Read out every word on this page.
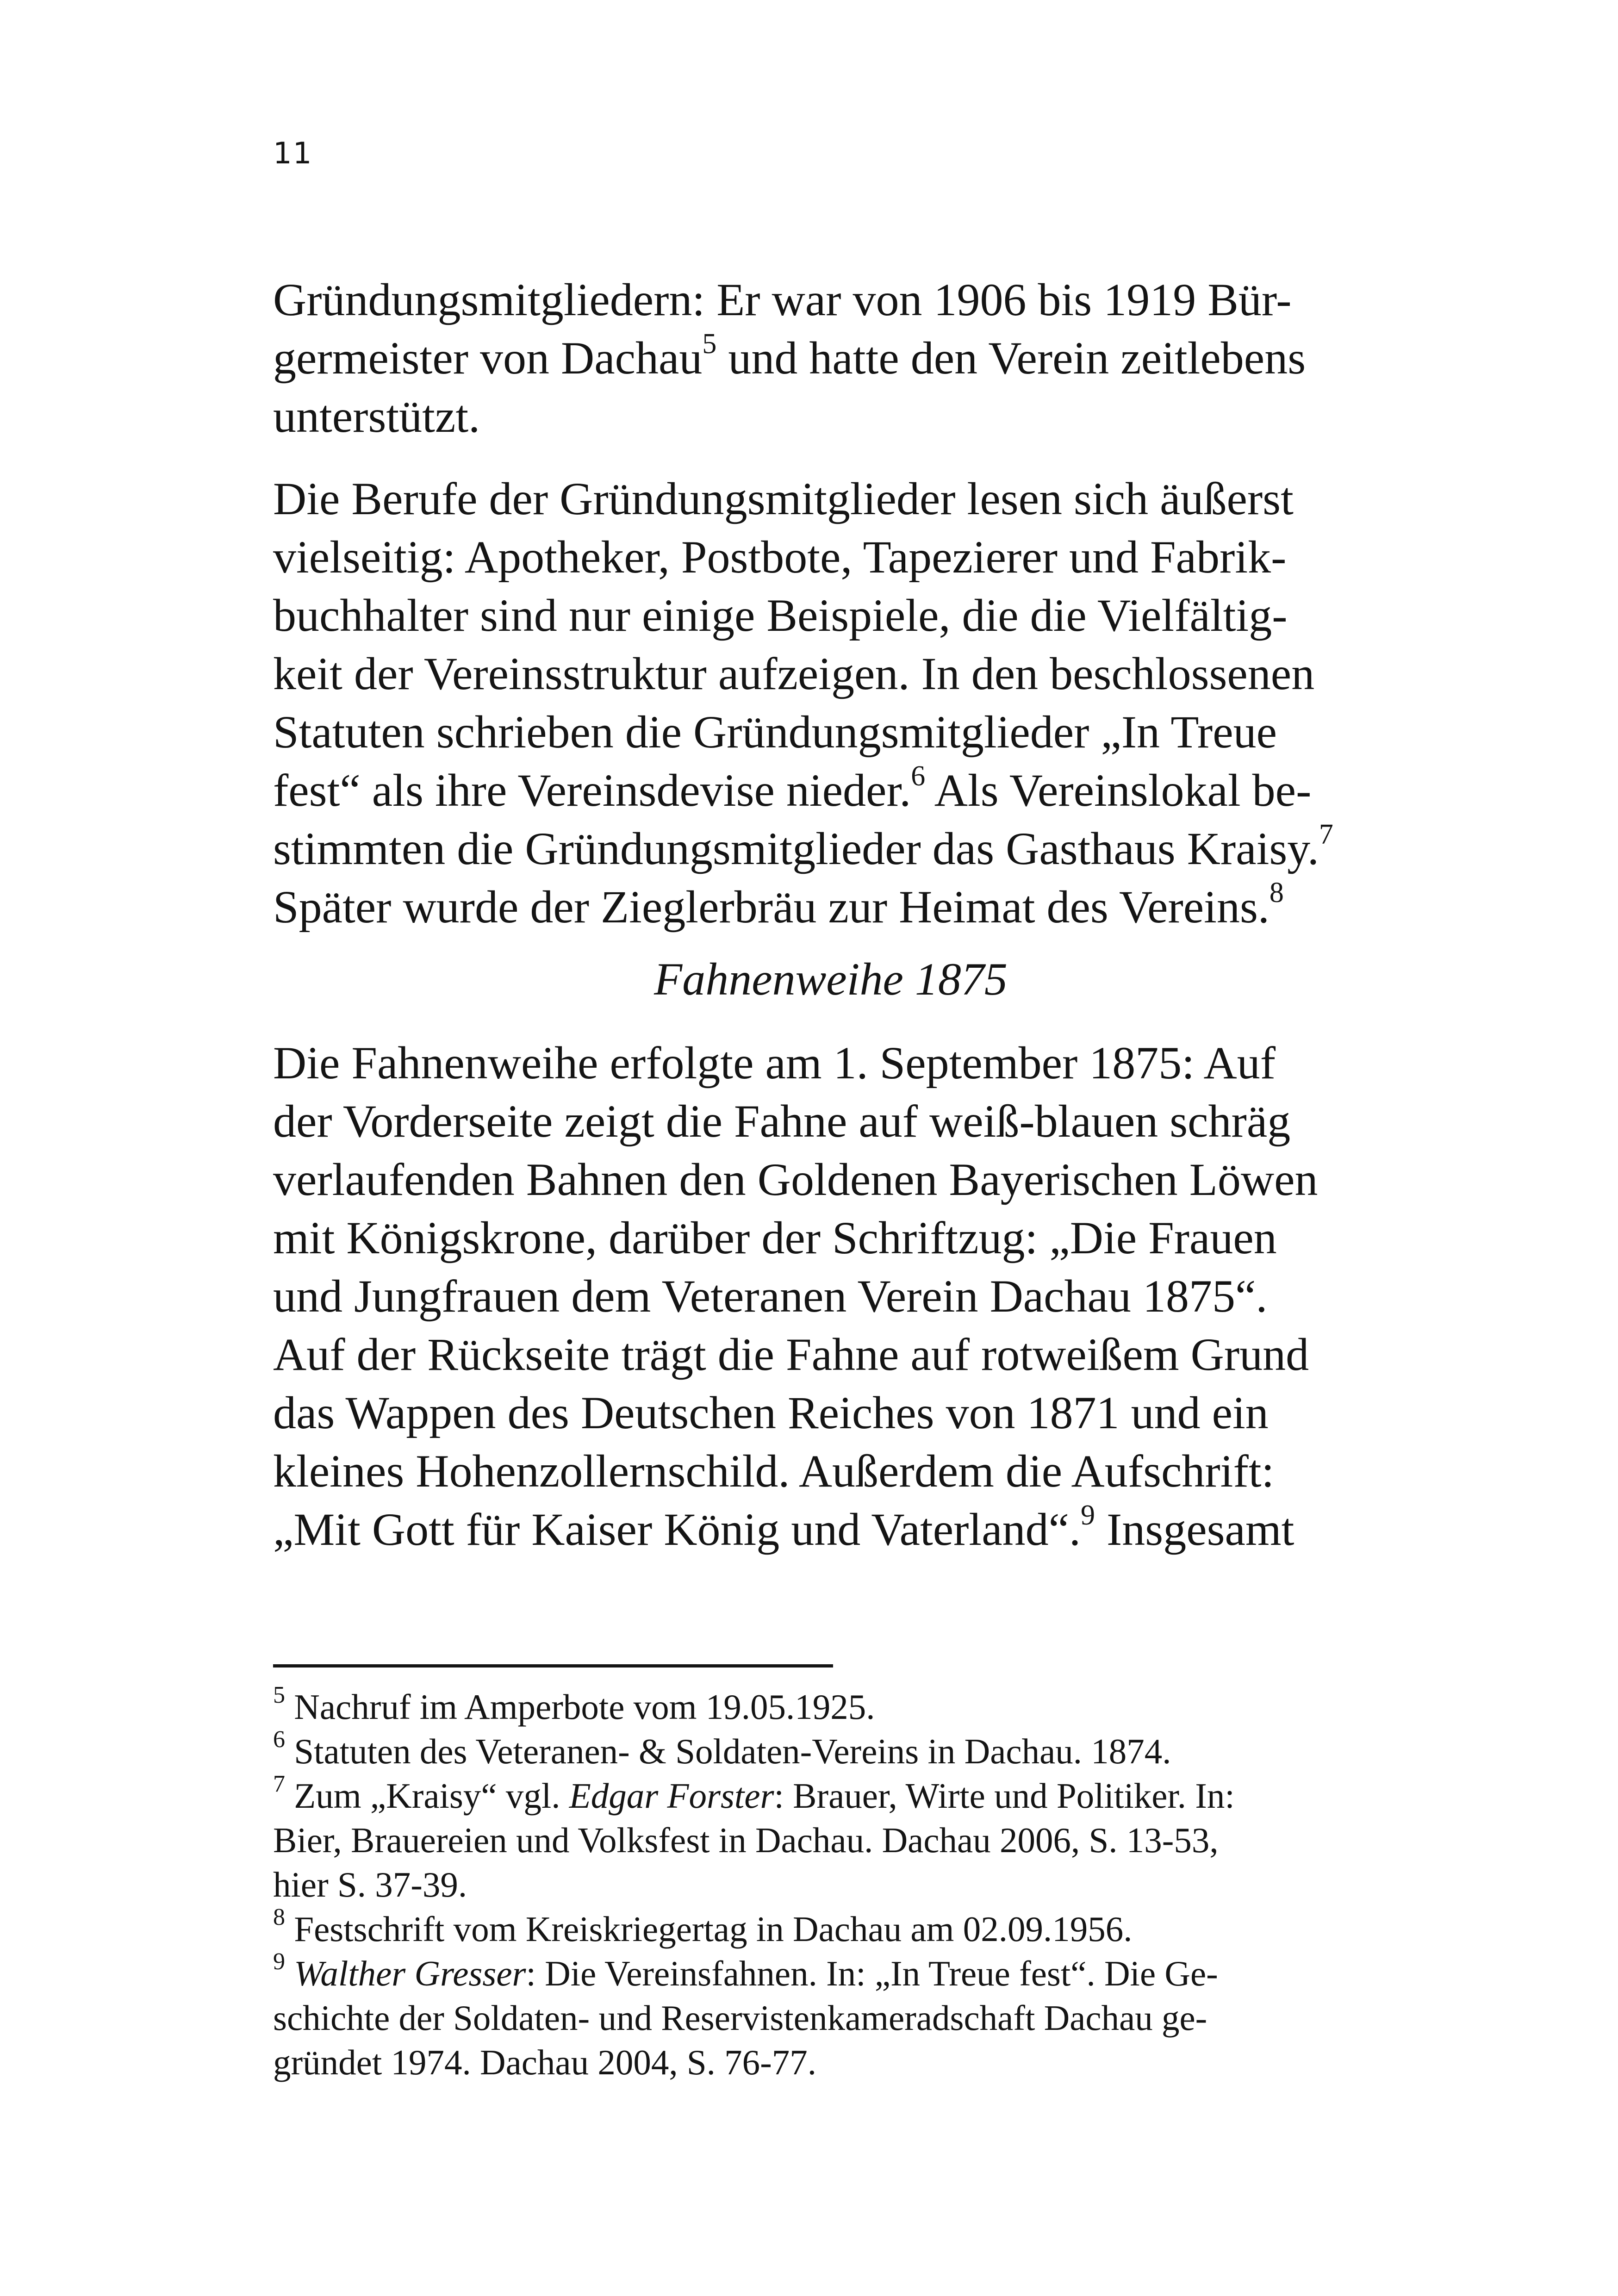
11
Gründungsmitgliedern: Er war von 1906 bis 1919 Bür-
germeister von Dachau$^5$ und hatte den Verein zeitlebens
unterstützt.
Die Berufe der Gründungsmitglieder lesen sich äußerst
vielseitig: Apotheker, Postbote, Tapezierer und Fabrik-
buchhalter sind nur einige Beispiele, die die Vielfältig-
keit der Vereinsstruktur aufzeigen. In den beschlossenen
Statuten schrieben die Gründungsmitglieder „In Treue
fest“ als ihre Vereinsdevise nieder.$^6$ Als Vereinslokal be-
stimmten die Gründungsmitglieder das Gasthaus Kraisy.$^7$
Später wurde der Zieglerbräu zur Heimat des Vereins.$^8$
Fahnenweihe 1875
Die Fahnenweihe erfolgte am 1. September 1875: Auf
der Vorderseite zeigt die Fahne auf weiß-blauen schräg
verlaufenden Bahnen den Goldenen Bayerischen Löwen
mit Königskrone, darüber der Schriftzug: „Die Frauen
und Jungfrauen dem Veteranen Verein Dachau 1875“.
Auf der Rückseite trägt die Fahne auf rotweißem Grund
das Wappen des Deutschen Reiches von 1871 und ein
kleines Hohenzollernschild. Außerdem die Aufschrift:
„Mit Gott für Kaiser König und Vaterland“.$^9$ Insgesamt
$^5$ Nachruf im Amperbote vom 19.05.1925.
$^6$ Statuten des Veteranen- & Soldaten-Vereins in Dachau. 1874.
$^7$ Zum „Kraisy“ vgl. Edgar Forster: Brauer, Wirte und Politiker. In:
Bier, Brauereien und Volksfest in Dachau. Dachau 2006, S. 13-53,
hier S. 37-39.
$^8$ Festschrift vom Kreiskriegertag in Dachau am 02.09.1956.
$^9$ Walther Gresser: Die Vereinsfahnen. In: „In Treue fest“. Die Ge-
schichte der Soldaten- und Reservistenkameradschaft Dachau ge-
gründet 1974. Dachau 2004, S. 76-77.
